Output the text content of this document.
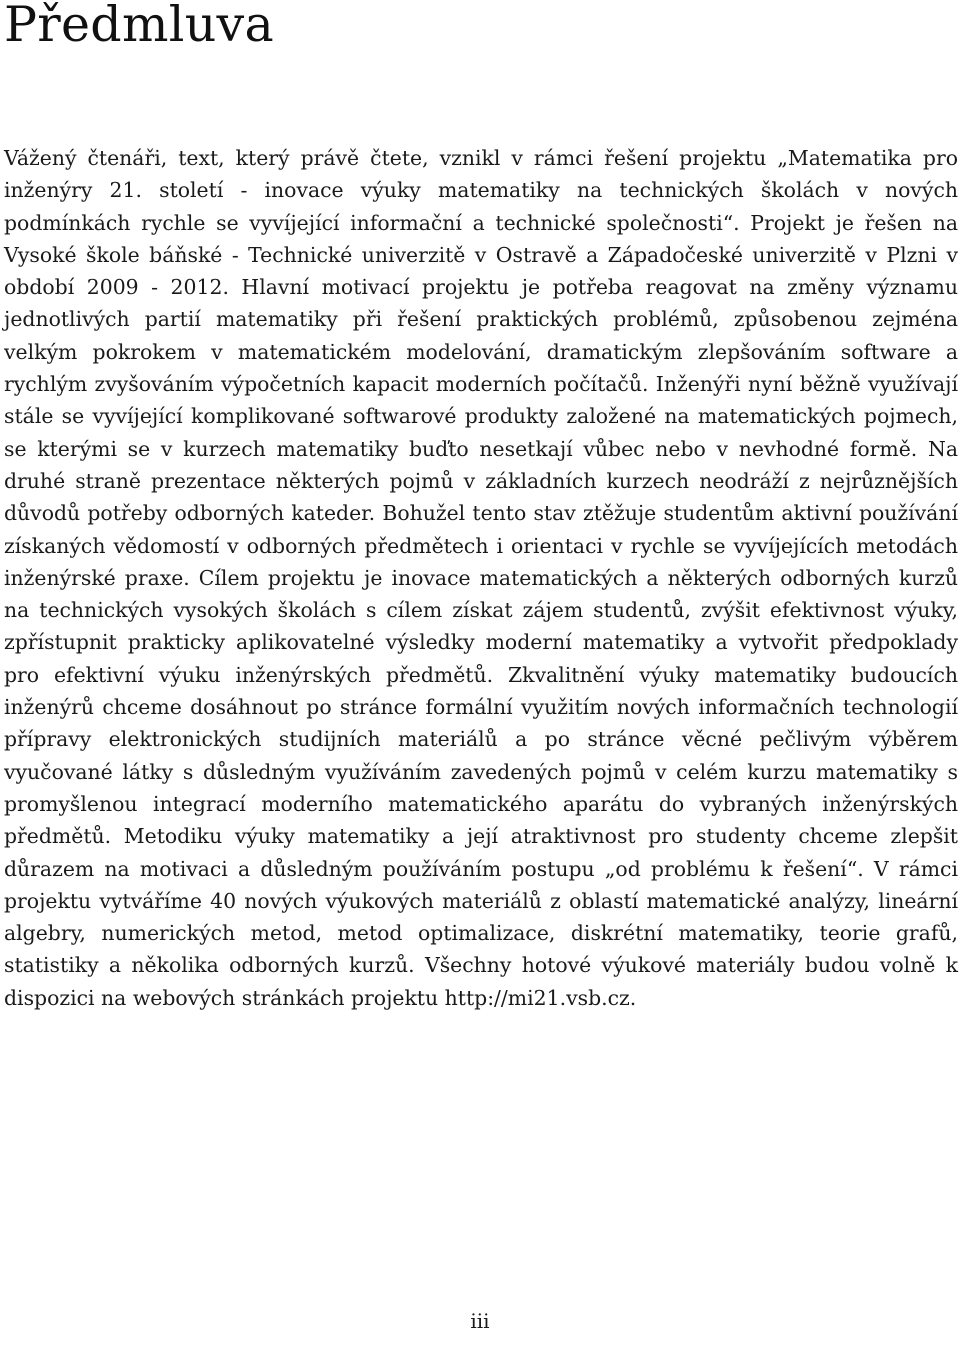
Předmluva

Vážený čtenáři, text, který právě čtete, vznikl v rámci řešení projektu „Matematika pro inženýry 21. století - inovace výuky matematiky na technických školách v nových podmínkách rychle se vyvíjející informační a technické společnosti“. Projekt je řešen na Vysoké škole báňské - Technické univerzitě v Ostravě a Západočeské univerzitě v Plzni v období 2009 - 2012. Hlavní motivací projektu je potřeba reagovat na změny významu jednotlivých partií matematiky při řešení praktických problémů, způsobenou zejména velkým pokrokem v matematickém modelování, dramatickým zlepšováním software a rychlým zvyšováním výpočetních kapacit moderních počítačů. Inženýři nyní běžně využívají stále se vyvíjející komplikované softwarové produkty založené na matematických pojmech, se kterými se v kurzech matematiky buďto nesetkají vůbec nebo v nevhodné formě. Na druhé straně prezentace některých pojmů v základních kurzech neodráží z nejrůznějších důvodů potřeby odborných kateder. Bohužel tento stav ztěžuje studentům aktivní používání získaných vědomostí v odborných předmětech i orientaci v rychle se vyvíjejících metodách inženýrské praxe. Cílem projektu je inovace matematických a některých odborných kurzů na technických vysokých školách s cílem získat zájem studentů, zvýšit efektivnost výuky, zpřístupnit prakticky aplikovatelné výsledky moderní matematiky a vytvořit předpoklady pro efektivní výuku inženýrských předmětů. Zkvalitnění výuky matematiky budoucích inženýrů chceme dosáhnout po stránce formální využitím nových informačních technologií přípravy elektronických studijních materiálů a po stránce věcné pečlivým výběrem vyučované látky s důsledným využíváním zavedených pojmů v celém kurzu matematiky s promyšlenou integrací moderního matematického aparátu do vybraných inženýrských předmětů. Metodiku výuky matematiky a její atraktivnost pro studenty chceme zlepšit důrazem na motivaci a důsledným používáním postupu „od problému k řešení“. V rámci projektu vytváříme 40 nových výukových materiálů z oblastí matematické analýzy, lineární algebry, numerických metod, metod optimalizace, diskrétní matematiky, teorie grafů, statistiky a několika odborných kurzů. Všechny hotové výukové materiály budou volně k dispozici na webových stránkách projektu http://mi21.vsb.cz.

iii
